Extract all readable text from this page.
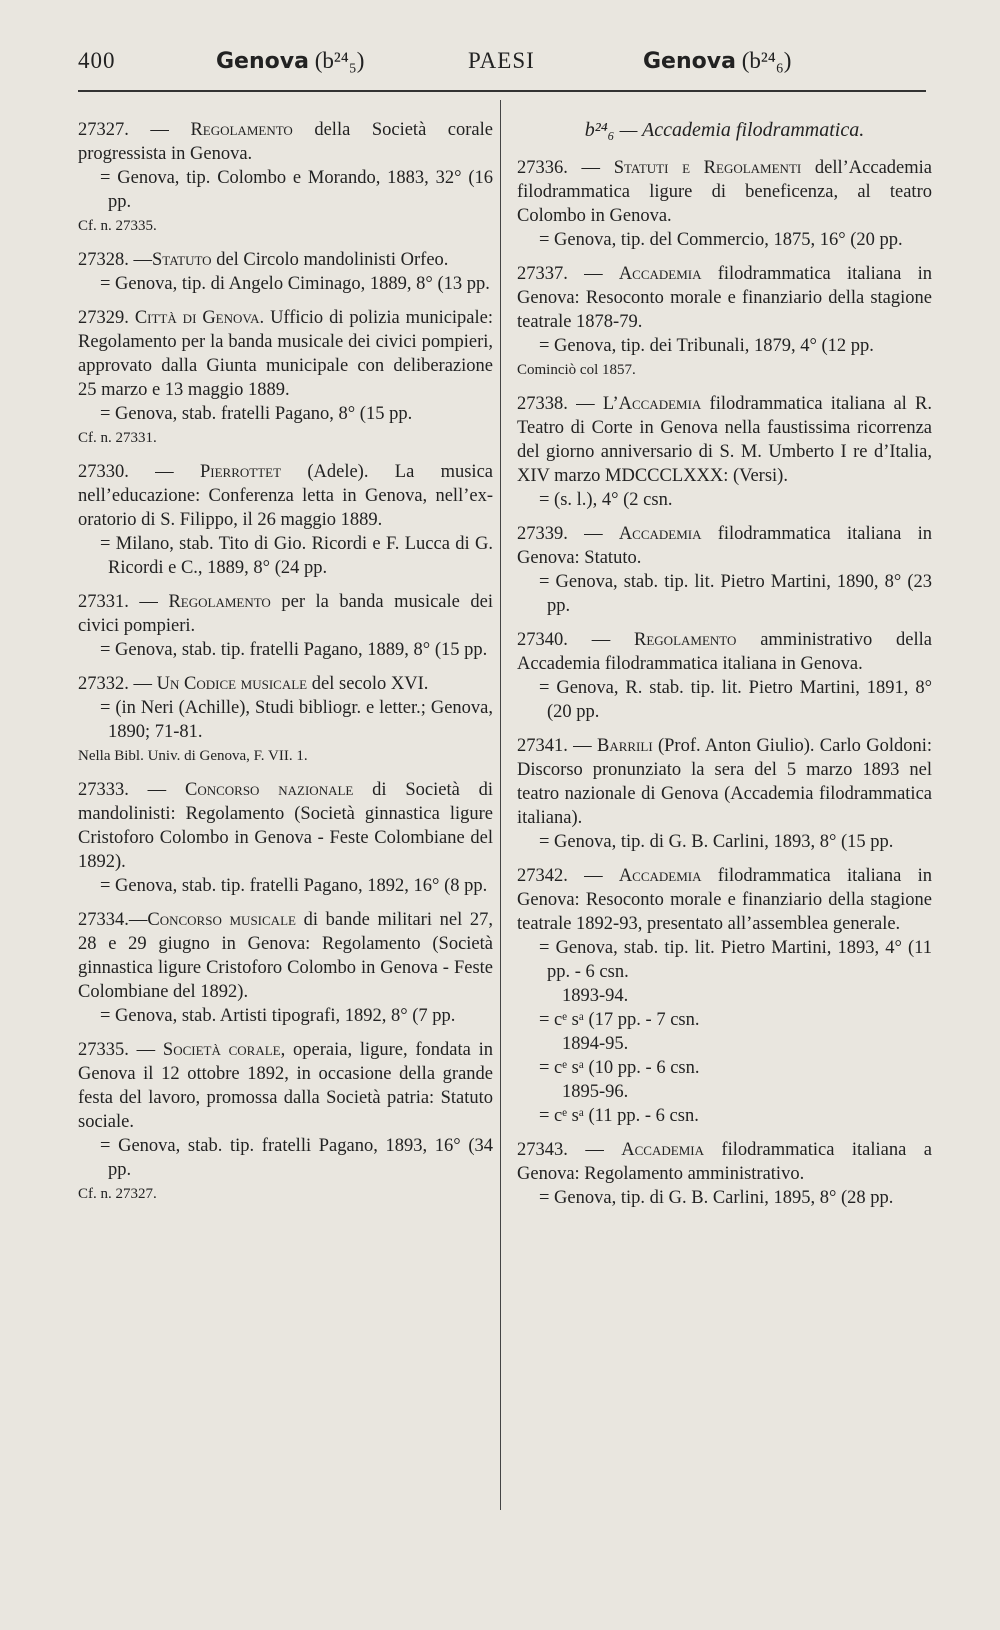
400	Genova (b²⁴₅)	PAESI	Genova (b²⁴₆)

27327. — Regolamento della Società corale progressista in Genova.

= Genova, tip. Colombo e Morando, 1883, 32° (16 pp.

Cf. n. 27335.

27328. —Statuto del Circolo mandolinisti Orfeo.

= Genova, tip. di Angelo Ciminago, 1889, 8° (13 pp.

27329. Città di Genova. Ufficio di polizia municipale: Regolamento per la banda musicale dei civici pompieri, approvato dalla Giunta municipale con deliberazione 25 marzo e 13 maggio 1889.

= Genova, stab. fratelli Pagano, 8° (15 pp.

Cf. n. 27331.

27330. — Pierrottet (Adele). La musica nell’educazione: Conferenza letta in Genova, nell’ex-oratorio di S. Filippo, il 26 maggio 1889.

= Milano, stab. Tito di Gio. Ricordi e F. Lucca di G. Ricordi e C., 1889, 8° (24 pp.

27331. — Regolamento per la banda musicale dei civici pompieri.

= Genova, stab. tip. fratelli Pagano, 1889, 8° (15 pp.

27332. — Un Codice musicale del secolo XVI.

= (in Neri (Achille), Studi bibliogr. e letter.; Genova, 1890; 71-81.

Nella Bibl. Univ. di Genova, F. VII. 1.

27333. — Concorso nazionale di Società di mandolinisti: Regolamento (Società ginnastica ligure Cristoforo Colombo in Genova - Feste Colombiane del 1892).

= Genova, stab. tip. fratelli Pagano, 1892, 16° (8 pp.

27334.—Concorso musicale di bande militari nel 27, 28 e 29 giugno in Genova: Regolamento (Società ginnastica ligure Cristoforo Colombo in Genova - Feste Colombiane del 1892).

= Genova, stab. Artisti tipografi, 1892, 8° (7 pp.

27335. — Società corale, operaia, ligure, fondata in Genova il 12 ottobre 1892, in occasione della grande festa del lavoro, promossa dalla Società patria: Statuto sociale.

= Genova, stab. tip. fratelli Pagano, 1893, 16° (34 pp.

Cf. n. 27327.

b²⁴₆ — Accademia filodrammatica.

27336. — Statuti e Regolamenti dell’Accademia filodrammatica ligure di beneficenza, al teatro Colombo in Genova.

= Genova, tip. del Commercio, 1875, 16° (20 pp.

27337. — Accademia filodrammatica italiana in Genova: Resoconto morale e finanziario della stagione teatrale 1878-79.

= Genova, tip. dei Tribunali, 1879, 4° (12 pp.

Cominciò col 1857.

27338. — L’Accademia filodrammatica italiana al R. Teatro di Corte in Genova nella faustissima ricorrenza del giorno anniversario di S. M. Umberto I re d’Italia, XIV marzo MDCCCLXXX: (Versi).

= (s. l.), 4° (2 csn.

27339. — Accademia filodrammatica italiana in Genova: Statuto.

= Genova, stab. tip. lit. Pietro Martini, 1890, 8° (23 pp.

27340. — Regolamento amministrativo della Accademia filodrammatica italiana in Genova.

= Genova, R. stab. tip. lit. Pietro Martini, 1891, 8° (20 pp.

27341. — Barrili (Prof. Anton Giulio). Carlo Goldoni: Discorso pronunziato la sera del 5 marzo 1893 nel teatro nazionale di Genova (Accademia filodrammatica italiana).

= Genova, tip. di G. B. Carlini, 1893, 8° (15 pp.

27342. — Accademia filodrammatica italiana in Genova: Resoconto morale e finanziario della stagione teatrale 1892-93, presentato all’assemblea generale.

= Genova, stab. tip. lit. Pietro Martini, 1893, 4° (11 pp. - 6 csn.

1893-94.

= cᵉ sᵃ (17 pp. - 7 csn.

1894-95.

= cᵉ sᵃ (10 pp. - 6 csn.

1895-96.

= cᵉ sᵃ (11 pp. - 6 csn.

27343. — Accademia filodrammatica italiana a Genova: Regolamento amministrativo.

= Genova, tip. di G. B. Carlini, 1895, 8° (28 pp.
